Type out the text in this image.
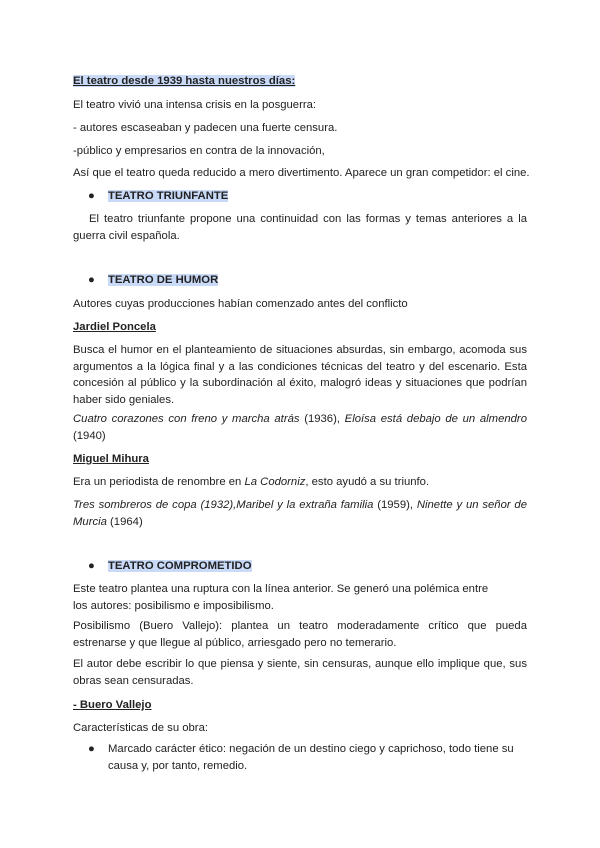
El teatro desde 1939 hasta nuestros días:

El teatro vivió una intensa crisis en la posguerra:

- autores escaseaban y padecen una fuerte censura.

-público y empresarios en contra de la innovación,

Así que el teatro queda reducido a mero divertimento. Aparece un gran competidor: el cine.

● TEATRO TRIUNFANTE

El teatro triunfante propone una continuidad con las formas y temas anteriores a la guerra civil española.

● TEATRO DE HUMOR

Autores cuyas producciones habían comenzado antes del conflicto

Jardiel Poncela

Busca el humor en el planteamiento de situaciones absurdas, sin embargo, acomoda sus argumentos a la lógica final y a las condiciones técnicas del teatro y del escenario. Esta concesión al público y la subordinación al éxito, malogró ideas y situaciones que podrían haber sido geniales.

Cuatro corazones con freno y marcha atrás (1936), Eloísa está debajo de un almendro (1940)

Miguel Mihura

Era un periodista de renombre en La Codorniz, esto ayudó a su triunfo.

Tres sombreros de copa (1932),Maribel y la extraña familia (1959), Ninette y un señor de Murcia (1964)

● TEATRO COMPROMETIDO

Este teatro plantea una ruptura con la línea anterior. Se generó una polémica entre los autores: posibilismo e imposibilismo.

Posibilismo (Buero Vallejo): plantea un teatro moderadamente crítico que pueda estrenarse y que llegue al público, arriesgado pero no temerario.

El autor debe escribir lo que piensa y siente, sin censuras, aunque ello implique que, sus obras sean censuradas.

- Buero Vallejo

Características de su obra:

● Marcado carácter ético: negación de un destino ciego y caprichoso, todo tiene su causa y, por tanto, remedio.
